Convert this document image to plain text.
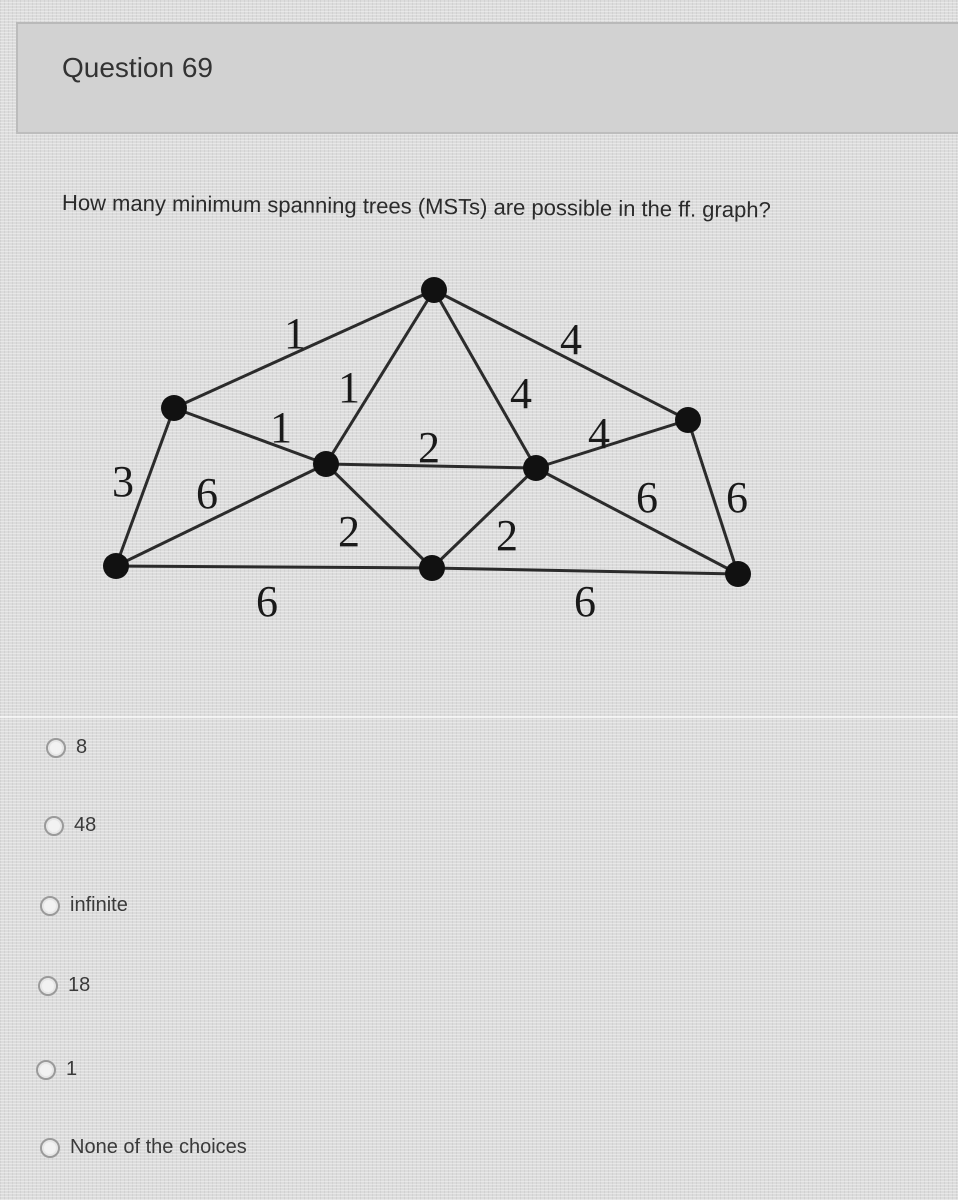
Question 69
How many minimum spanning trees (MSTs) are possible in the ff. graph?
1
1
1
2
4
4
4
3 6
2	2
6 6
6	6
8
48
infinite
18
1
None of the choices
